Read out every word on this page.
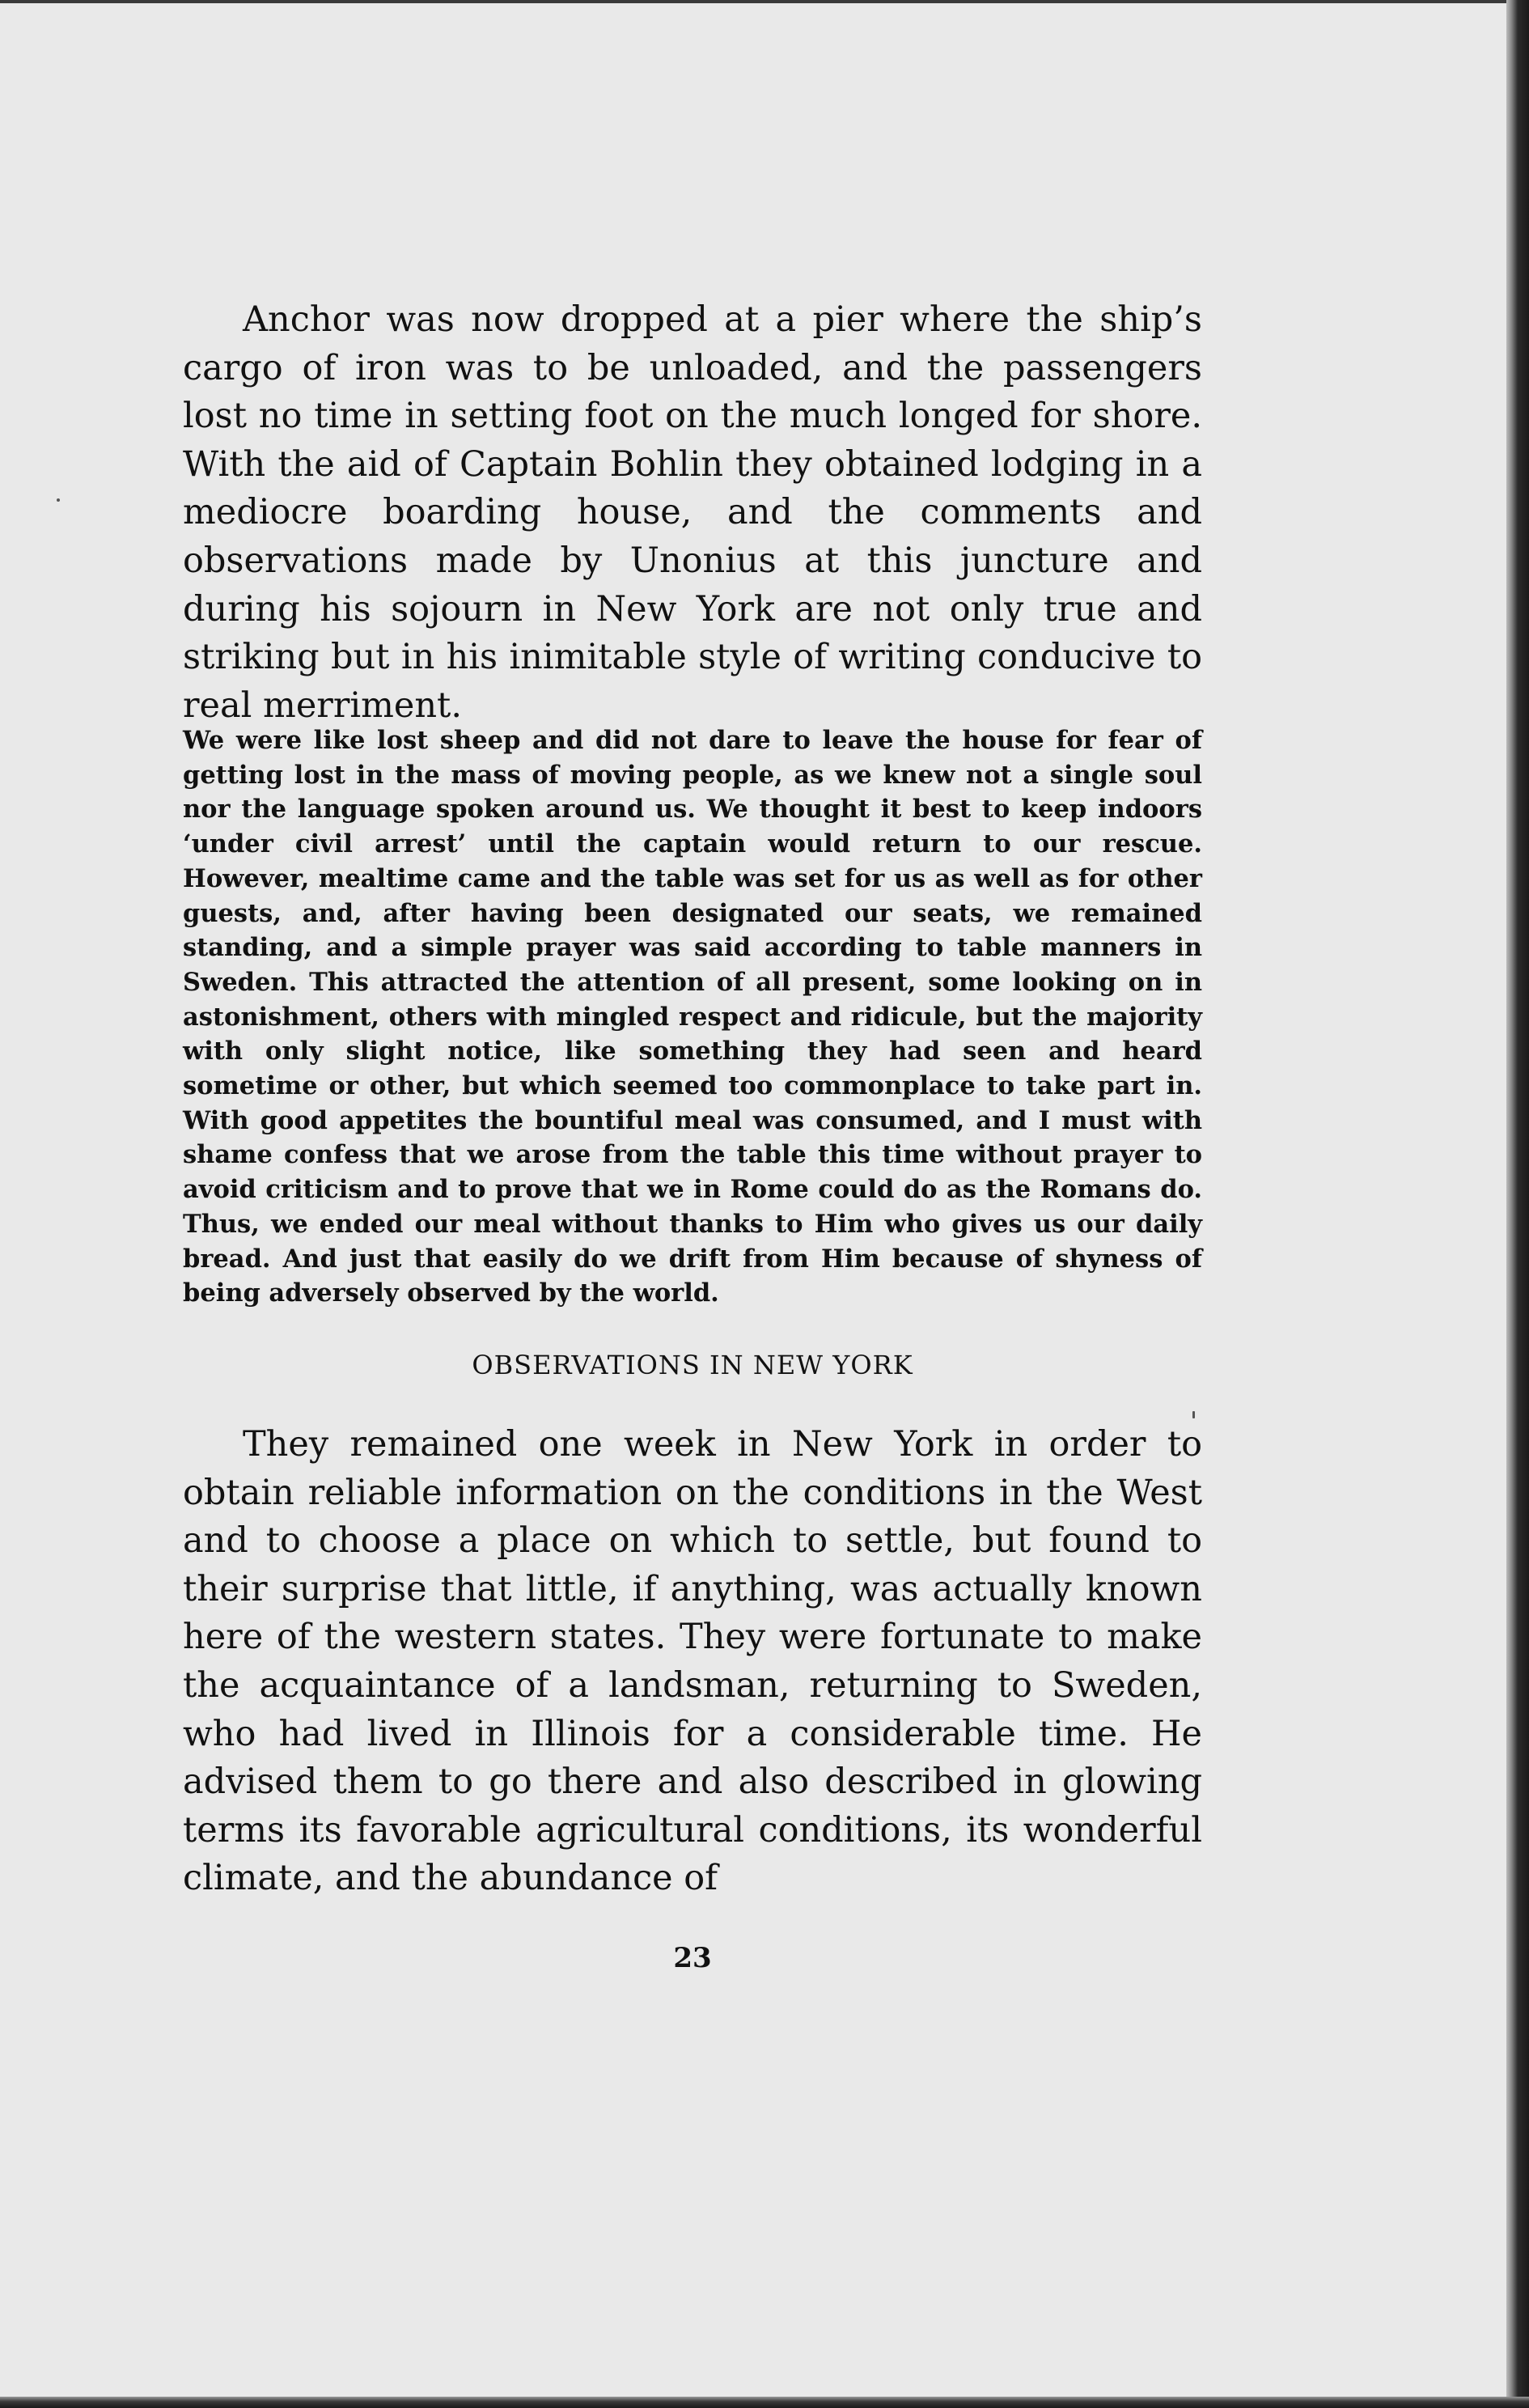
Anchor was now dropped at a pier where the ship’s cargo of iron was to be unloaded, and the passengers lost no time in setting foot on the much longed for shore. With the aid of Captain Bohlin they obtained lodging in a mediocre boarding house, and the comments and observations made by Unonius at this juncture and during his sojourn in New York are not only true and striking but in his inimitable style of writing conducive to real merriment.

We were like lost sheep and did not dare to leave the house for fear of getting lost in the mass of moving people, as we knew not a single soul nor the language spoken around us. We thought it best to keep indoors ‘under civil arrest’ until the captain would return to our rescue. However, mealtime came and the table was set for us as well as for other guests, and, after having been designated our seats, we remained standing, and a simple prayer was said according to table manners in Sweden. This attracted the attention of all present, some looking on in astonishment, others with mingled respect and ridicule, but the majority with only slight notice, like something they had seen and heard sometime or other, but which seemed too commonplace to take part in. With good appetites the bountiful meal was consumed, and I must with shame confess that we arose from the table this time without prayer to avoid criticism and to prove that we in Rome could do as the Romans do. Thus, we ended our meal without thanks to Him who gives us our daily bread. And just that easily do we drift from Him because of shyness of being adversely observed by the world.

OBSERVATIONS IN NEW YORK

They remained one week in New York in order to obtain reliable information on the conditions in the West and to choose a place on which to settle, but found to their surprise that little, if anything, was actually known here of the western states. They were fortunate to make the acquaintance of a landsman, returning to Sweden, who had lived in Illinois for a considerable time. He advised them to go there and also described in glowing terms its favorable agricultural conditions, its wonderful climate, and the abundance of

23
